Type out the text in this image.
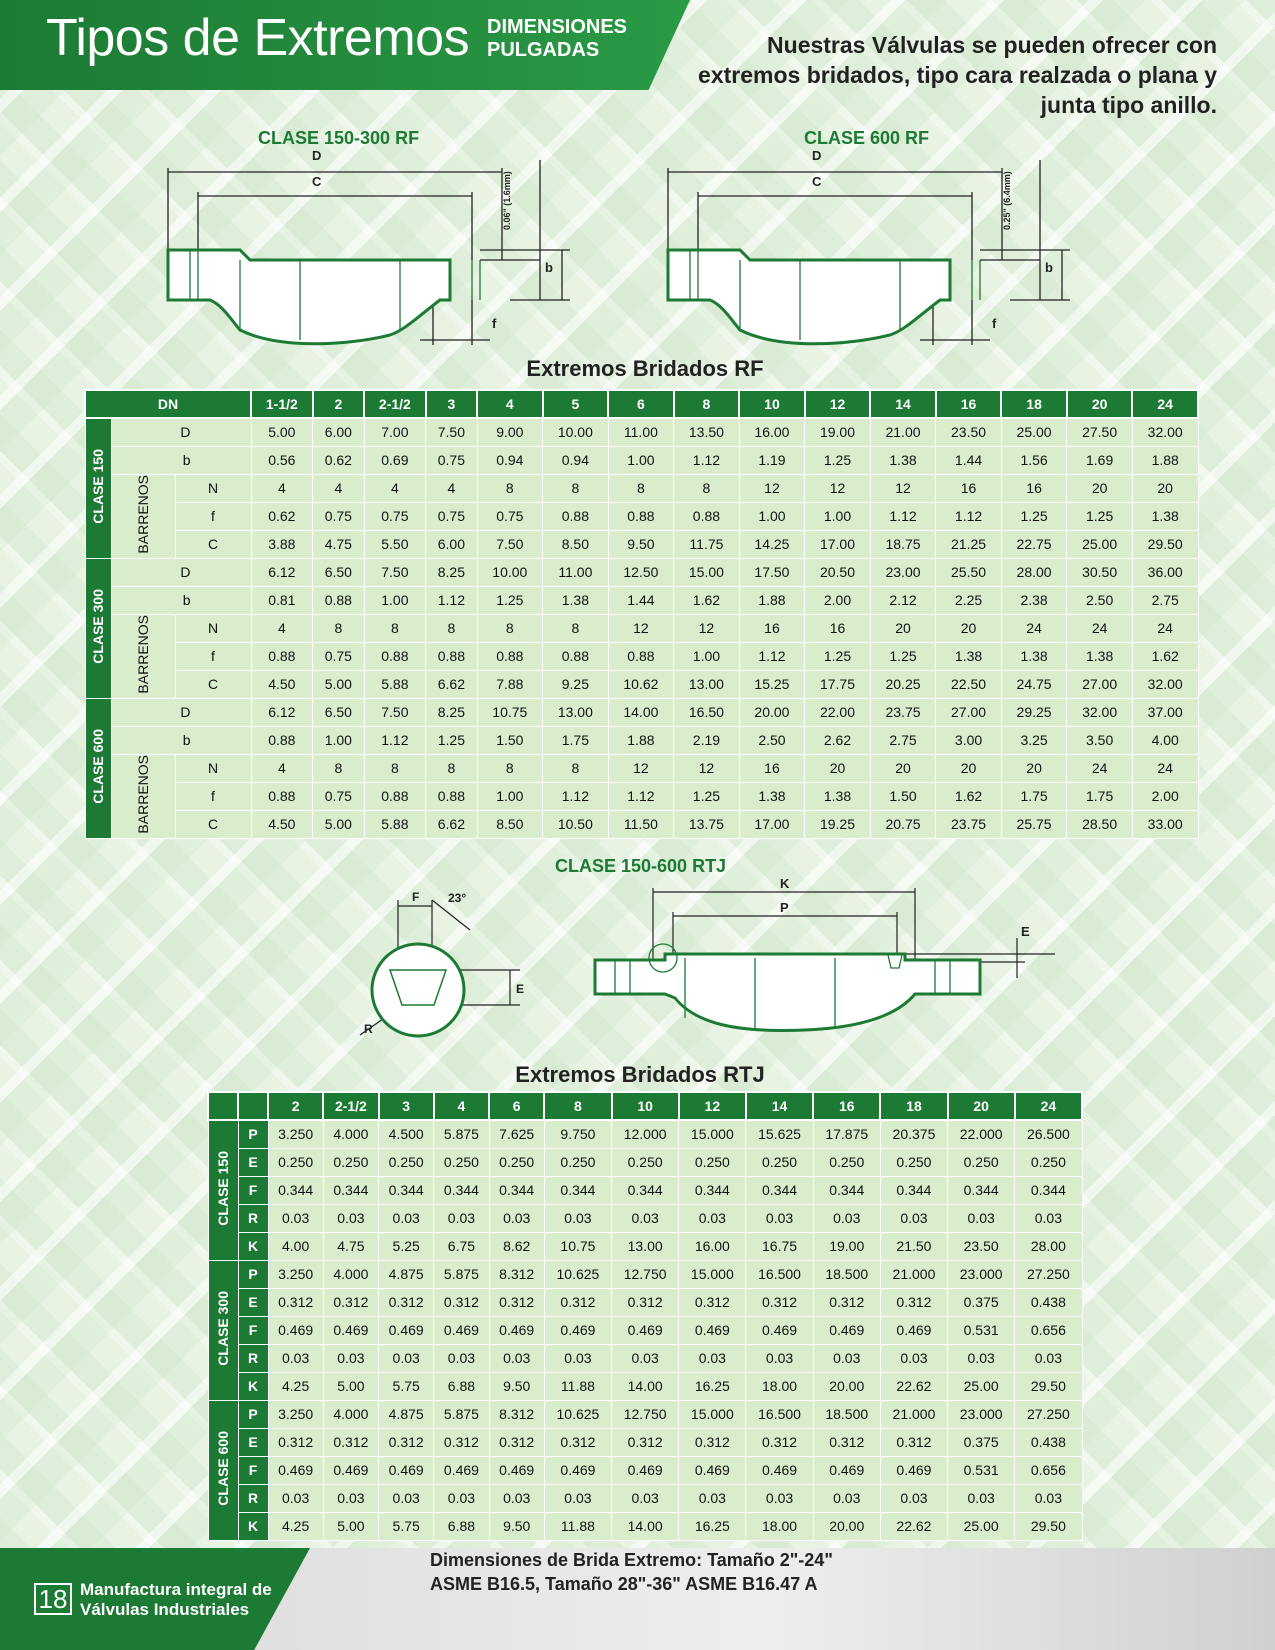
Tipos de Extremos DIMENSIONES
PULGADAS	Nuestras Válvulas se pueden ofrecer con extremos bridados, tipo cara realzada o plana y junta tipo anillo.
CLASE 150-300 RF	CLASE 600 RF
D
C
b
f
0.06" (1.6mm)
D
C
b
f
0.25" (6.4mm)
Extremos Bridados RF
DN			1-1/2	2	2-1/2	3	4	5	6	8	10	12	14	16	18	20	24
CLASE 150	D		5.00	6.00	7.00	7.50	9.00	10.00	11.00	13.50	16.00	19.00	21.00	23.50	25.00	27.50	32.00
	b		0.56	0.62	0.69	0.75	0.94	0.94	1.00	1.12	1.19	1.25	1.38	1.44	1.56	1.69	1.88
	BARRENOS	N	4	4	4	4	8	8	8	8	12	12	12	16	16	20	20
		f	0.62	0.75	0.75	0.75	0.75	0.88	0.88	0.88	1.00	1.00	1.12	1.12	1.25	1.25	1.38
		C	3.88	4.75	5.50	6.00	7.50	8.50	9.50	11.75	14.25	17.00	18.75	21.25	22.75	25.00	29.50
CLASE 300	D		6.12	6.50	7.50	8.25	10.00	11.00	12.50	15.00	17.50	20.50	23.00	25.50	28.00	30.50	36.00
	b		0.81	0.88	1.00	1.12	1.25	1.38	1.44	1.62	1.88	2.00	2.12	2.25	2.38	2.50	2.75
	BARRENOS	N	4	8	8	8	8	8	12	12	16	16	20	20	24	24	24
		f	0.88	0.75	0.88	0.88	0.88	0.88	0.88	1.00	1.12	1.25	1.25	1.38	1.38	1.38	1.62
		C	4.50	5.00	5.88	6.62	7.88	9.25	10.62	13.00	15.25	17.75	20.25	22.50	24.75	27.00	32.00
CLASE 600	D		6.12	6.50	7.50	8.25	10.75	13.00	14.00	16.50	20.00	22.00	23.75	27.00	29.25	32.00	37.00
	b		0.88	1.00	1.12	1.25	1.50	1.75	1.88	2.19	2.50	2.62	2.75	3.00	3.25	3.50	4.00
	BARRENOS	N	4	8	8	8	8	8	12	12	16	20	20	20	20	24	24
		f	0.88	0.75	0.88	0.88	1.00	1.12	1.12	1.25	1.38	1.38	1.50	1.62	1.75	1.75	2.00
		C	4.50	5.00	5.88	6.62	8.50	10.50	11.50	13.75	17.00	19.25	20.75	23.75	25.75	28.50	33.00
CLASE 150-600 RTJ
F 23°
E
R
K
P
E
Extremos Bridados RTJ
		2	2-1/2	3	4	6	8	10	12	14	16	18	20	24
CLASE 150	P	3.250	4.000	4.500	5.875	7.625	9.750	12.000	15.000	15.625	17.875	20.375	22.000	26.500
	E	0.250	0.250	0.250	0.250	0.250	0.250	0.250	0.250	0.250	0.250	0.250	0.250	0.250
	F	0.344	0.344	0.344	0.344	0.344	0.344	0.344	0.344	0.344	0.344	0.344	0.344	0.344
	R	0.03	0.03	0.03	0.03	0.03	0.03	0.03	0.03	0.03	0.03	0.03	0.03	0.03
	K	4.00	4.75	5.25	6.75	8.62	10.75	13.00	16.00	16.75	19.00	21.50	23.50	28.00
CLASE 300	P	3.250	4.000	4.875	5.875	8.312	10.625	12.750	15.000	16.500	18.500	21.000	23.000	27.250
	E	0.312	0.312	0.312	0.312	0.312	0.312	0.312	0.312	0.312	0.312	0.312	0.375	0.438
	F	0.469	0.469	0.469	0.469	0.469	0.469	0.469	0.469	0.469	0.469	0.469	0.531	0.656
	R	0.03	0.03	0.03	0.03	0.03	0.03	0.03	0.03	0.03	0.03	0.03	0.03	0.03
	K	4.25	5.00	5.75	6.88	9.50	11.88	14.00	16.25	18.00	20.00	22.62	25.00	29.50
CLASE 600	P	3.250	4.000	4.875	5.875	8.312	10.625	12.750	15.000	16.500	18.500	21.000	23.000	27.250
	E	0.312	0.312	0.312	0.312	0.312	0.312	0.312	0.312	0.312	0.312	0.312	0.375	0.438
	F	0.469	0.469	0.469	0.469	0.469	0.469	0.469	0.469	0.469	0.469	0.469	0.531	0.656
	R	0.03	0.03	0.03	0.03	0.03	0.03	0.03	0.03	0.03	0.03	0.03	0.03	0.03
	K	4.25	5.00	5.75	6.88	9.50	11.88	14.00	16.25	18.00	20.00	22.62	25.00	29.50
18 Manufactura integral de
Válvulas Industriales
Dimensiones de Brida Extremo: Tamaño 2"-24"
ASME B16.5, Tamaño 28"-36" ASME B16.47 A
